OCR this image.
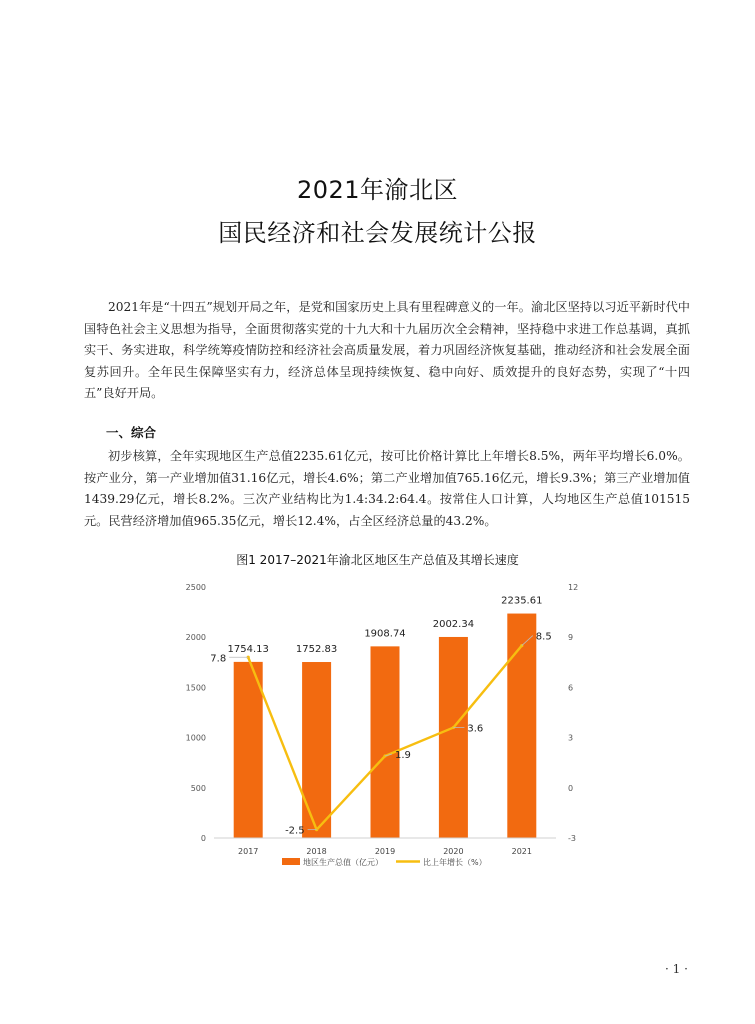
2021年渝北区
国民经济和社会发展统计公报

2021年是“十四五”规划开局之年，是党和国家历史上具有里程碑意义的一年。渝北区坚持以习近平新时代中国特色社会主义思想为指导，全面贯彻落实党的十九大和十九届历次全会精神，坚持稳中求进工作总基调，真抓实干、务实进取，科学统筹疫情防控和经济社会高质量发展，着力巩固经济恢复基础，推动经济和社会发展全面复苏回升。全年民生保障坚实有力，经济总体呈现持续恢复、稳中向好、质效提升的良好态势，实现了“十四五”良好开局。

一、综合

初步核算，全年实现地区生产总值2235.61亿元，按可比价格计算比上年增长8.5%，两年平均增长6.0%。按产业分，第一产业增加值31.16亿元，增长4.6%；第二产业增加值765.16亿元，增长9.3%；第三产业增加值1439.29亿元，增长8.2%。三次产业结构比为1.4:34.2:64.4。按常住人口计算，人均地区生产总值101515元。民营经济增加值965.35亿元，增长12.4%，占全区经济总量的43.2%。

图1 2017–2021年渝北区地区生产总值及其增长速度
1754.13	1752.83
1908.74
2002.34
2235.61
7.8
-2.5
1.9
3.6
8.5
0
500
1000
1500
2000
2500
-3
0
3
6
9
12
2017	2018	2019	2020	2021
地区生产总值（亿元）	比上年增长（%）
· 1 ·
